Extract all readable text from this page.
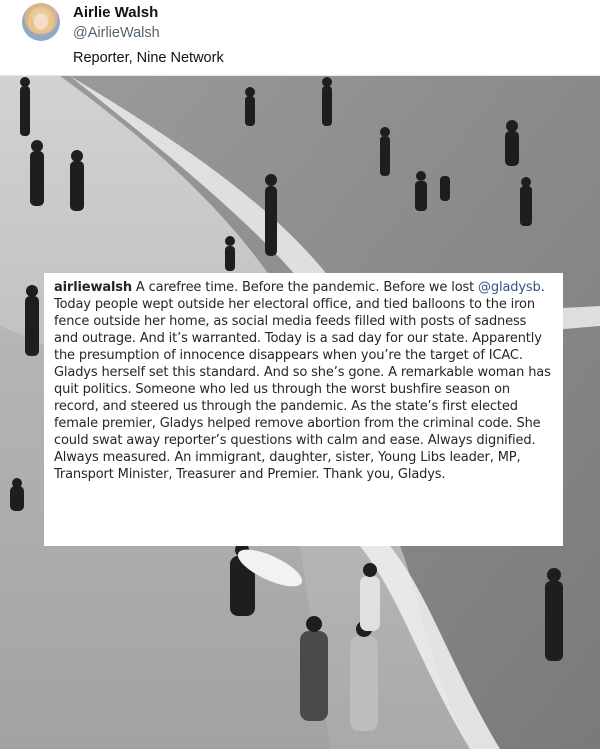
Airlie Walsh
@AirlieWalsh
Reporter, Nine Network
airliewalsh A carefree time. Before the pandemic. Before we lost @gladysb. Today people wept outside her electoral office, and tied balloons to the iron fence outside her home, as social media feeds filled with posts of sadness and outrage. And it’s warranted. Today is a sad day for our state. Apparently the presumption of innocence disappears when you’re the target of ICAC. Gladys herself set this standard. And so she’s gone. A remarkable woman has quit politics. Someone who led us through the worst bushfire season on record, and steered us through the pandemic. As the state’s first elected female premier, Gladys helped remove abortion from the criminal code. She could swat away reporter’s questions with calm and ease. Always dignified. Always measured. An immigrant, daughter, sister, Young Libs leader, MP, Transport Minister, Treasurer and Premier. Thank you, Gladys.
